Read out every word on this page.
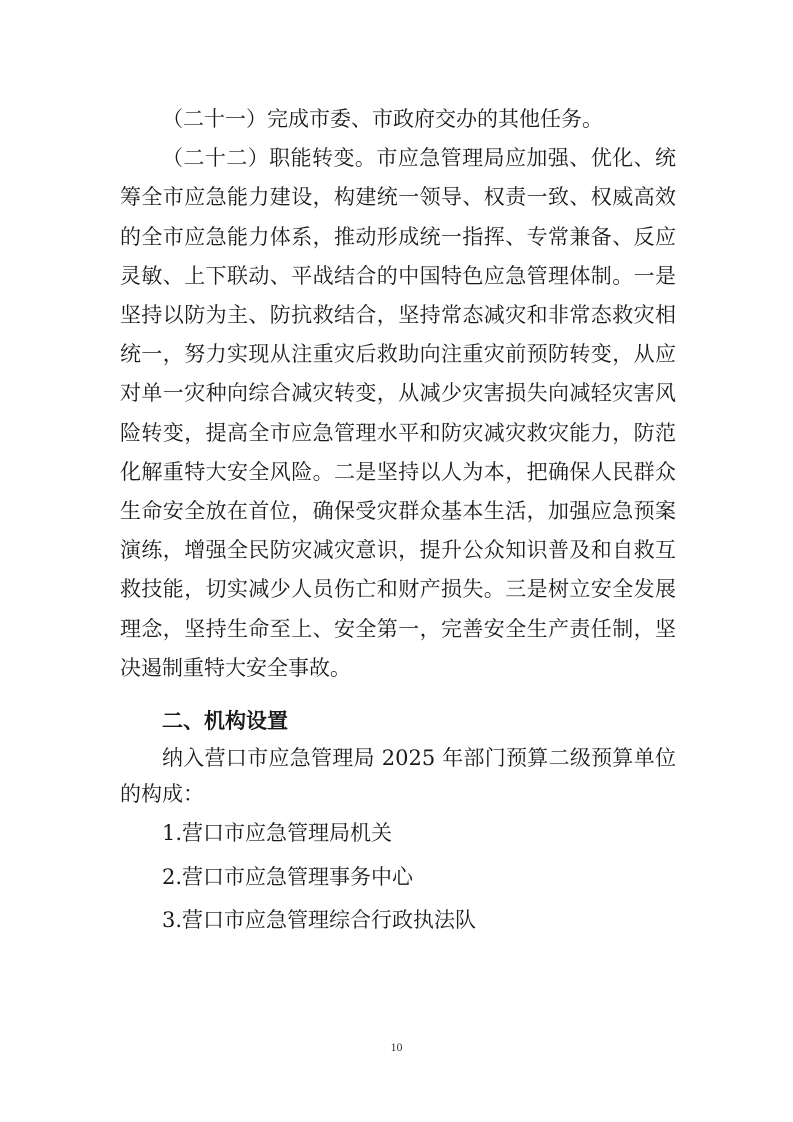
（二十一）完成市委、市政府交办的其他任务。

（二十二）职能转变。市应急管理局应加强、优化、统筹全市应急能力建设，构建统一领导、权责一致、权威高效的全市应急能力体系，推动形成统一指挥、专常兼备、反应灵敏、上下联动、平战结合的中国特色应急管理体制。一是坚持以防为主、防抗救结合，坚持常态减灾和非常态救灾相统一，努力实现从注重灾后救助向注重灾前预防转变，从应对单一灾种向综合减灾转变，从减少灾害损失向减轻灾害风险转变，提高全市应急管理水平和防灾减灾救灾能力，防范化解重特大安全风险。二是坚持以人为本，把确保人民群众生命安全放在首位，确保受灾群众基本生活，加强应急预案演练，增强全民防灾减灾意识，提升公众知识普及和自救互救技能，切实减少人员伤亡和财产损失。三是树立安全发展理念，坚持生命至上、安全第一，完善安全生产责任制，坚决遏制重特大安全事故。

二、机构设置

纳入营口市应急管理局 2025 年部门预算二级预算单位的构成：

1.营口市应急管理局机关
2.营口市应急管理事务中心
3.营口市应急管理综合行政执法队
10
